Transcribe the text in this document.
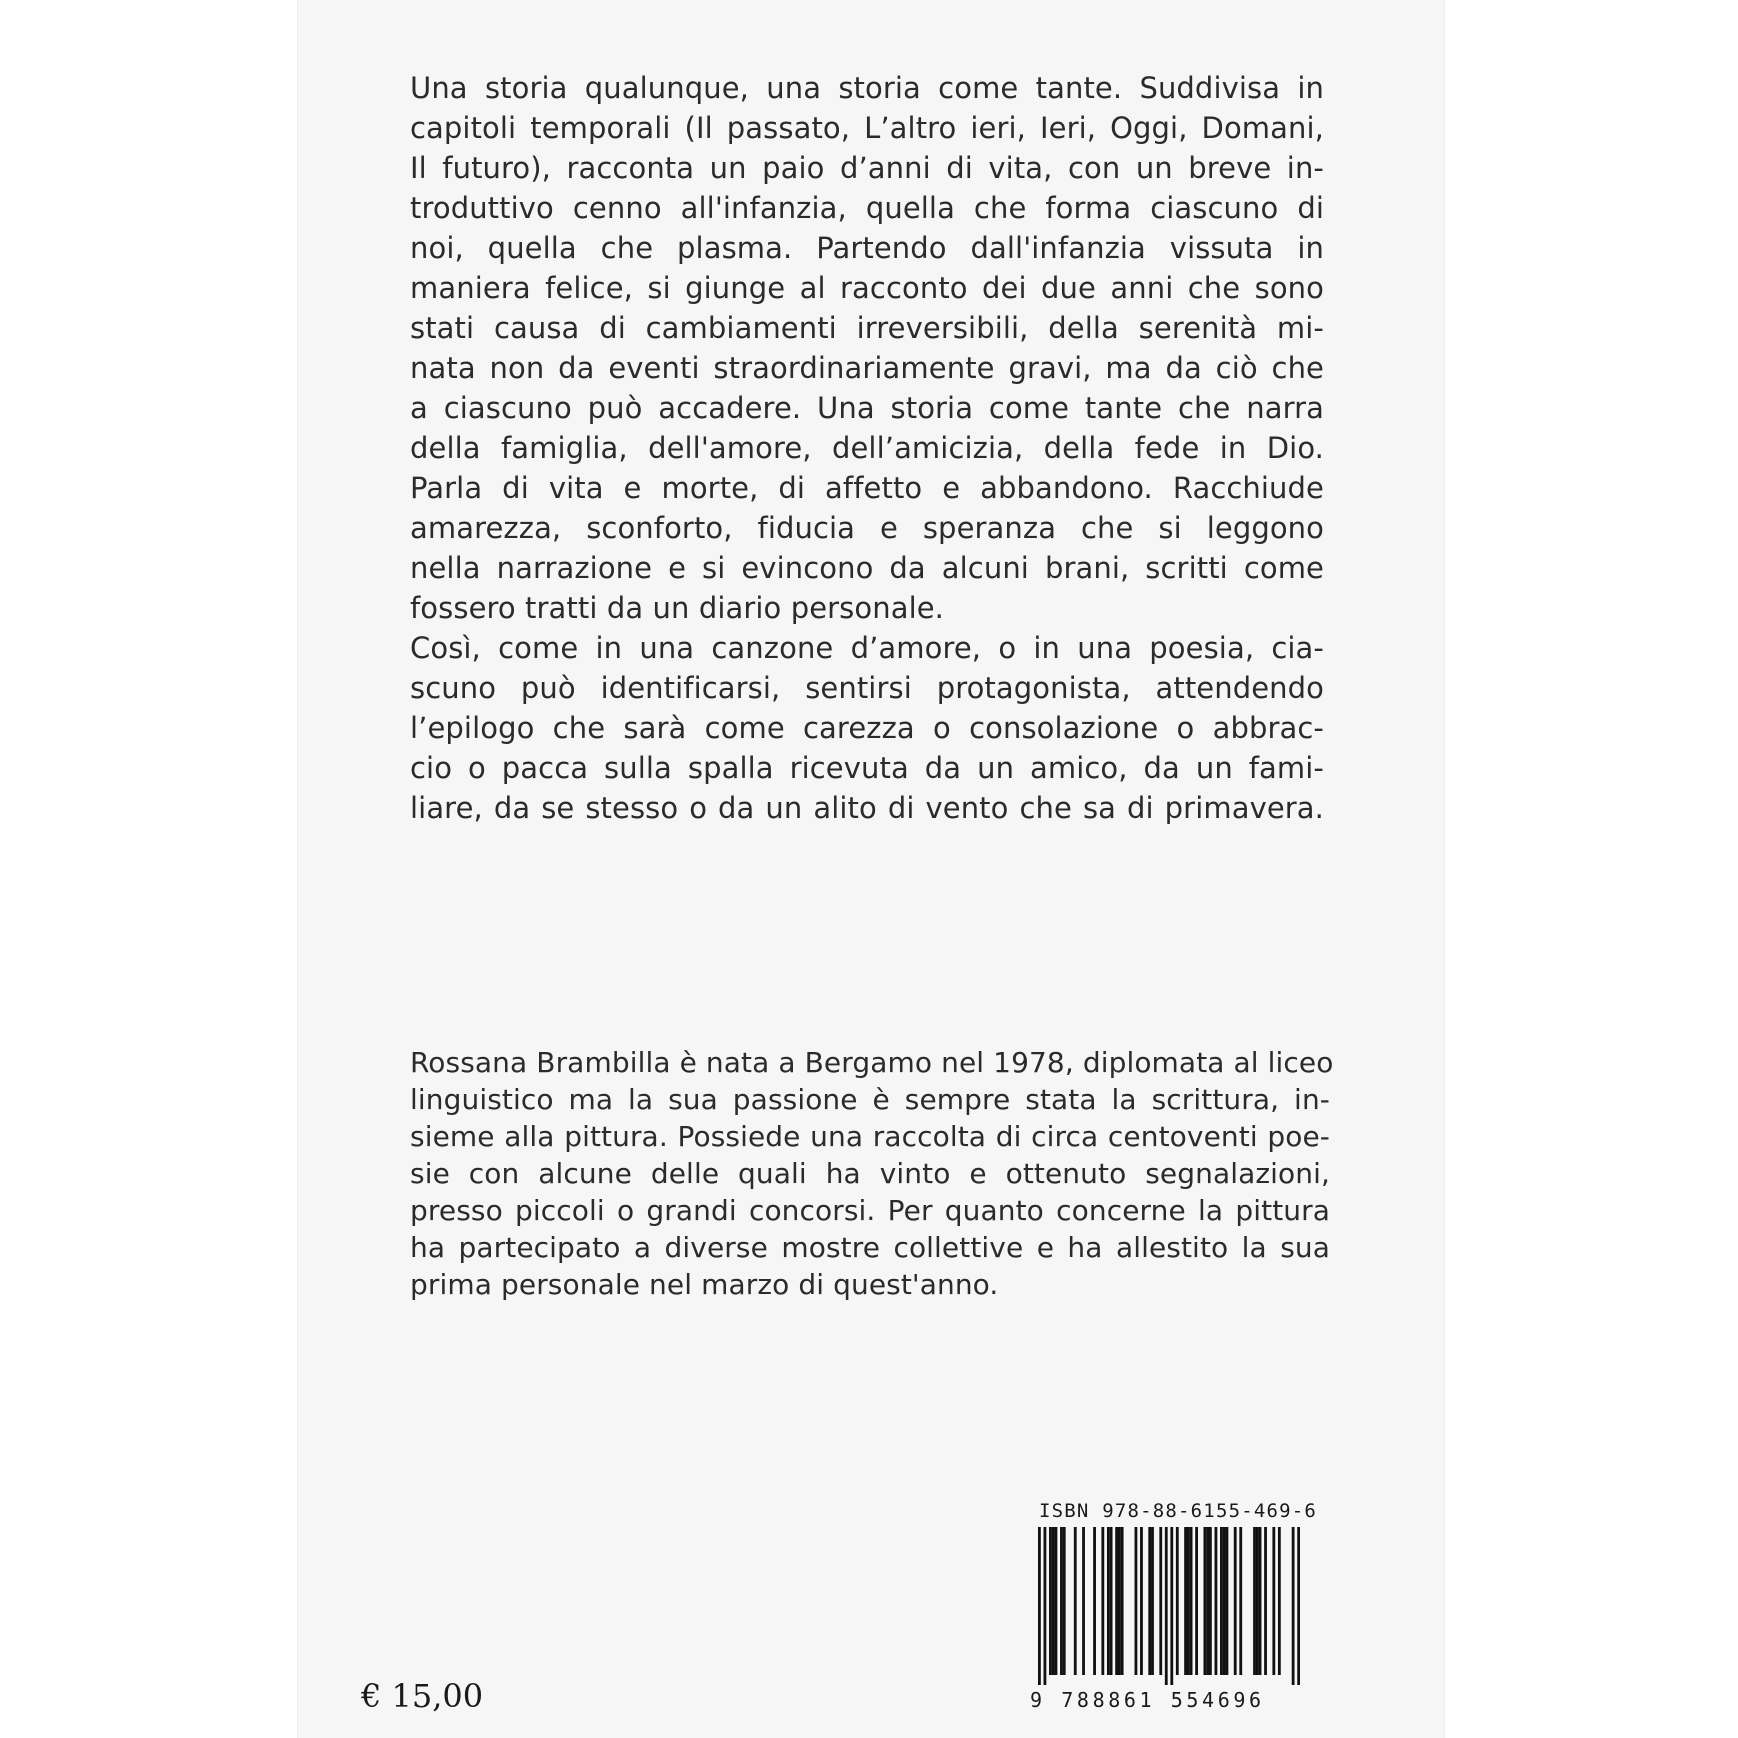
Una storia qualunque, una storia come tante. Suddivisa in
capitoli temporali (Il passato, L’altro ieri, Ieri, Oggi, Domani,
Il futuro), racconta un paio d’anni di vita, con un breve in-
troduttivo cenno all'infanzia, quella che forma ciascuno di
noi, quella che plasma. Partendo dall'infanzia vissuta in
maniera felice, si giunge al racconto dei due anni che sono
stati causa di cambiamenti irreversibili, della serenità mi-
nata non da eventi straordinariamente gravi, ma da ciò che
a ciascuno può accadere. Una storia come tante che narra
della famiglia, dell'amore, dell’amicizia, della fede in Dio.
Parla di vita e morte, di affetto e abbandono. Racchiude
amarezza, sconforto, fiducia e speranza che si leggono
nella narrazione e si evincono da alcuni brani, scritti come
fossero tratti da un diario personale.
Così, come in una canzone d’amore, o in una poesia, cia-
scuno può identificarsi, sentirsi protagonista, attendendo
l’epilogo che sarà come carezza o consolazione o abbrac-
cio o pacca sulla spalla ricevuta da un amico, da un fami-
liare, da se stesso o da un alito di vento che sa di primavera.
Rossana Brambilla è nata a Bergamo nel 1978, diplomata al liceo
linguistico ma la sua passione è sempre stata la scrittura, in-
sieme alla pittura. Possiede una raccolta di circa centoventi poe-
sie con alcune delle quali ha vinto e ottenuto segnalazioni,
presso piccoli o grandi concorsi. Per quanto concerne la pittura
ha partecipato a diverse mostre collettive e ha allestito la sua
prima personale nel marzo di quest'anno.
ISBN 978-88-6155-469-6
9 788861 554696
€ 15,00
